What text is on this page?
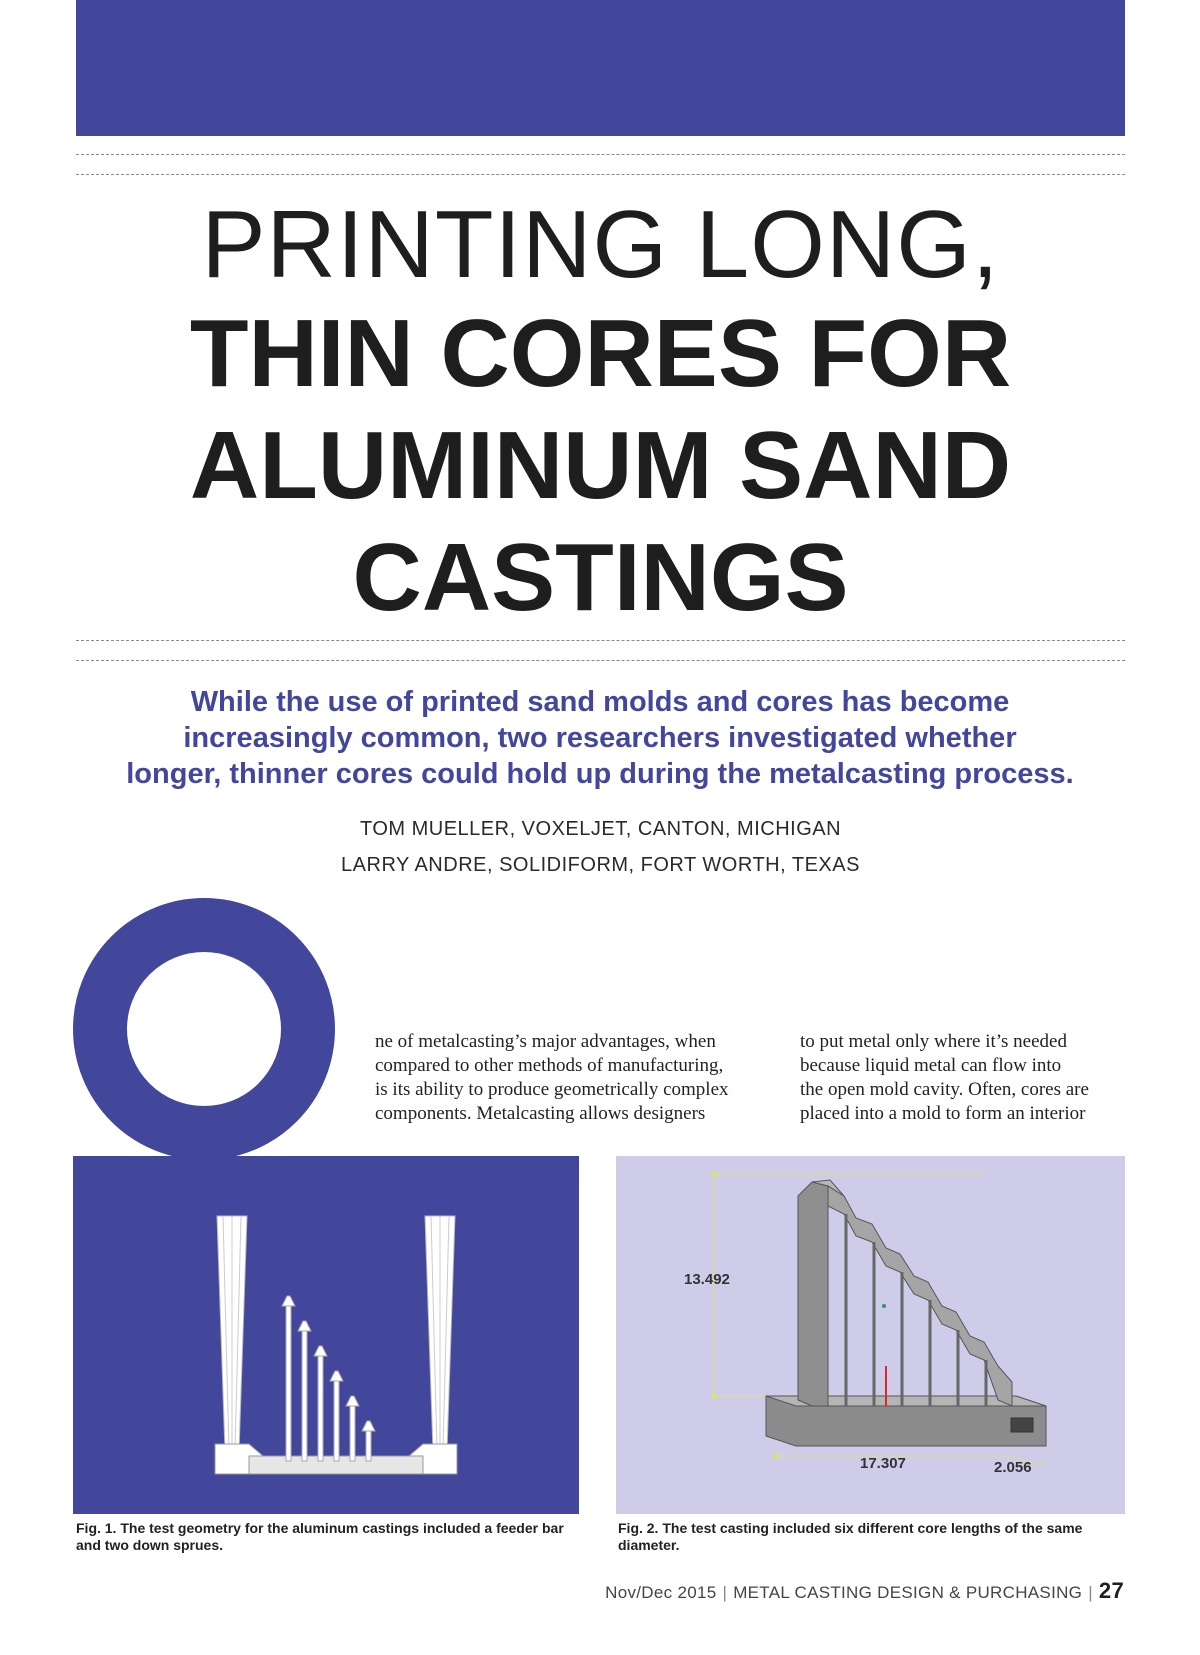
PRINTING LONG,
THIN CORES FOR
ALUMINUM SAND
CASTINGS

While the use of printed sand molds and cores has become
increasingly common, two researchers investigated whether
longer, thinner cores could hold up during the metalcasting process.

TOM MUELLER, VOXELJET, CANTON, MICHIGAN
LARRY ANDRE, SOLIDIFORM, FORT WORTH, TEXAS

ne of metalcasting’s major advantages, when
compared to other methods of manufacturing,
is its ability to produce geometrically complex
components. Metalcasting allows designers

to put metal only where it’s needed
because liquid metal can flow into
the open mold cavity. Often, cores are
placed into a mold to form an interior

13.492
17.307	2.056

Fig. 1. The test geometry for the aluminum castings included a feeder bar and two down sprues.

Fig. 2. The test casting included six different core lengths of the same diameter.

Nov/Dec 2015 | METAL CASTING DESIGN & PURCHASING | 27
